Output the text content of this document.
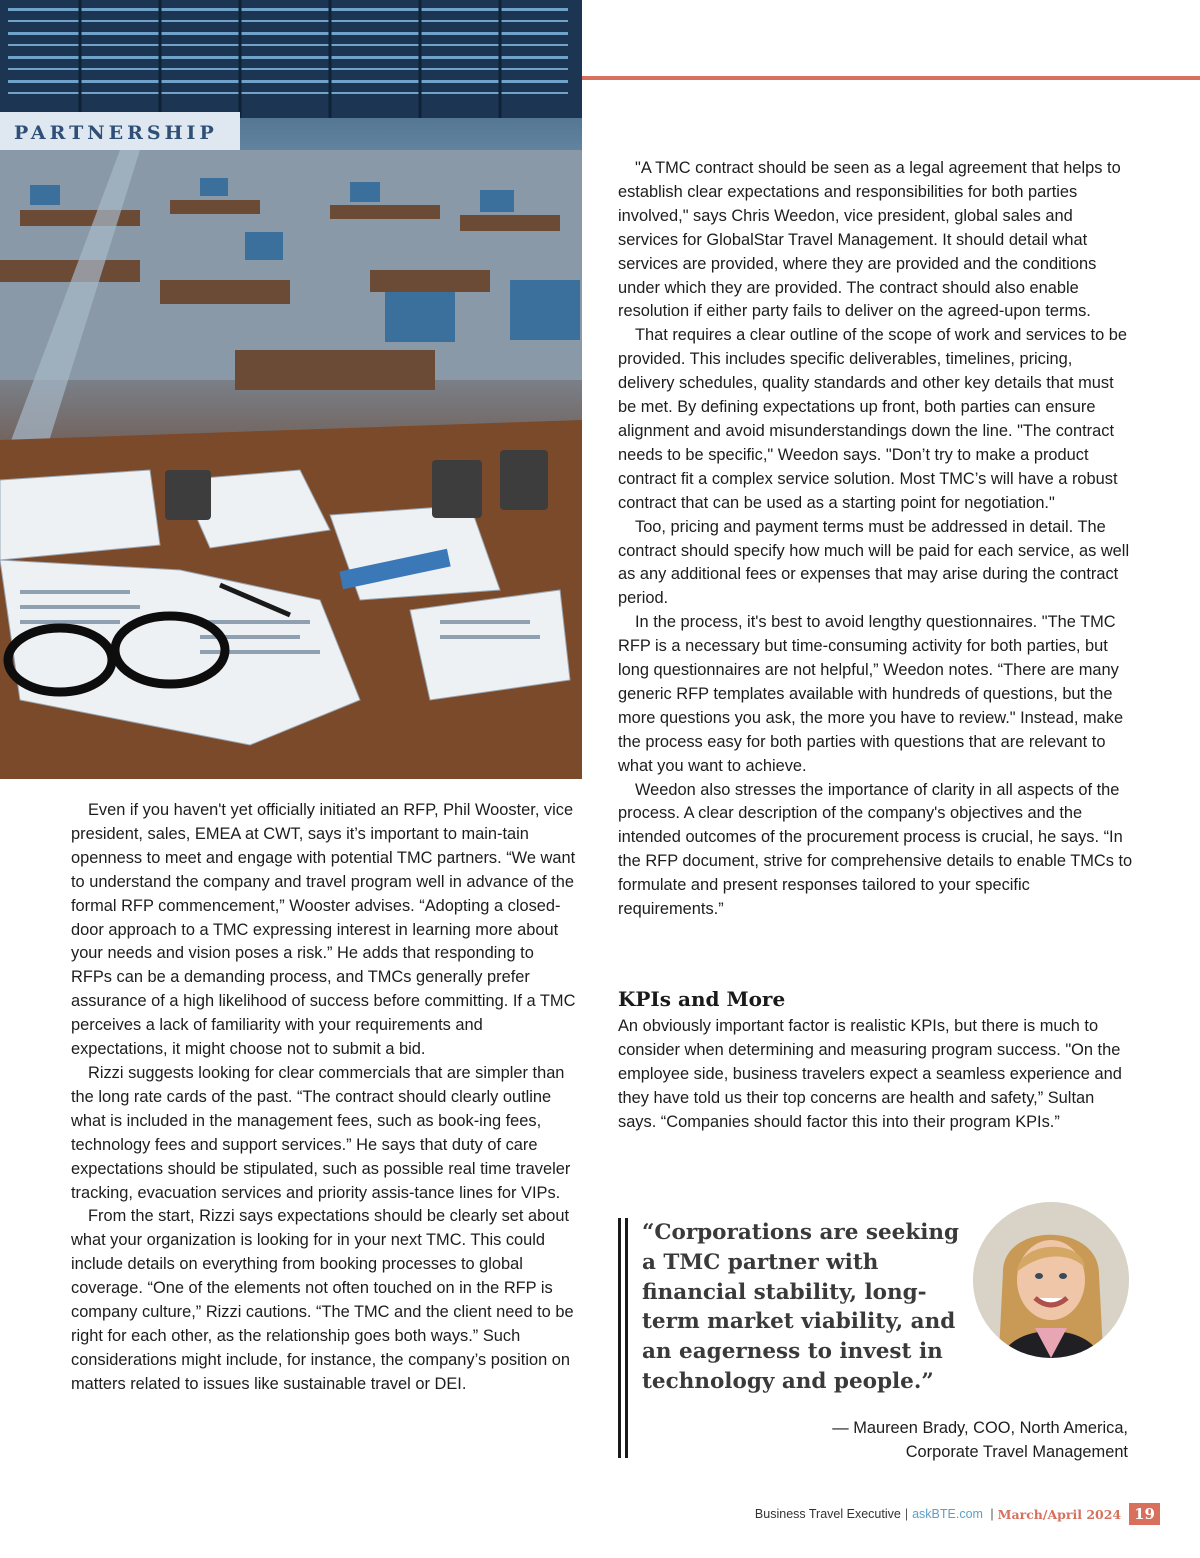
PARTNERSHIP

Even if you haven't yet officially initiated an RFP, Phil Wooster, vice president, sales, EMEA at CWT, says it’s important to main-tain openness to meet and engage with potential TMC partners. “We want to understand the company and travel program well in advance of the formal RFP commencement,” Wooster advises. “Adopting a closed-door approach to a TMC expressing interest in learning more about your needs and vision poses a risk.” He adds that responding to RFPs can be a demanding process, and TMCs generally prefer assurance of a high likelihood of success before committing. If a TMC perceives a lack of familiarity with your requirements and expectations, it might choose not to submit a bid.

Rizzi suggests looking for clear commercials that are simpler than the long rate cards of the past. “The contract should clearly outline what is included in the management fees, such as book-ing fees, technology fees and support services.” He says that duty of care expectations should be stipulated, such as possible real time traveler tracking, evacuation services and priority assis-tance lines for VIPs.

From the start, Rizzi says expectations should be clearly set about what your organization is looking for in your next TMC. This could include details on everything from booking processes to global coverage. “One of the elements not often touched on in the RFP is company culture,” Rizzi cautions. “The TMC and the client need to be right for each other, as the relationship goes both ways.” Such considerations might include, for instance, the company’s position on matters related to issues like sustainable travel or DEI.

"A TMC contract should be seen as a legal agreement that helps to establish clear expectations and responsibilities for both parties involved," says Chris Weedon, vice president, global sales and services for GlobalStar Travel Management. It should detail what services are provided, where they are provided and the conditions under which they are provided. The contract should also enable resolution if either party fails to deliver on the agreed-upon terms.

That requires a clear outline of the scope of work and services to be provided. This includes specific deliverables, timelines, pricing, delivery schedules, quality standards and other key details that must be met. By defining expectations up front, both parties can ensure alignment and avoid misunderstandings down the line. "The contract needs to be specific," Weedon says. "Don’t try to make a product contract fit a complex service solution. Most TMC’s will have a robust contract that can be used as a starting point for negotiation."

Too, pricing and payment terms must be addressed in detail. The contract should specify how much will be paid for each service, as well as any additional fees or expenses that may arise during the contract period.

In the process, it's best to avoid lengthy questionnaires. "The TMC RFP is a necessary but time-consuming activity for both parties, but long questionnaires are not helpful,” Weedon notes. “There are many generic RFP templates available with hundreds of questions, but the more questions you ask, the more you have to review." Instead, make the process easy for both parties with questions that are relevant to what you want to achieve.

Weedon also stresses the importance of clarity in all aspects of the process. A clear description of the company's objectives and the intended outcomes of the procurement process is crucial, he says. “In the RFP document, strive for comprehensive details to enable TMCs to formulate and present responses tailored to your specific requirements.”

KPIs and More

An obviously important factor is realistic KPIs, but there is much to consider when determining and measuring program success. "On the employee side, business travelers expect a seamless experience and they have told us their top concerns are health and safety,” Sultan says. “Companies should factor this into their program KPIs.”

“Corporations are seeking a TMC partner with financial stability, long-term market viability, and an eagerness to invest in technology and people.”
— Maureen Brady, COO, North America,
Corporate Travel Management
Business Travel Executive | askBTE.com | March/April 2024 19
